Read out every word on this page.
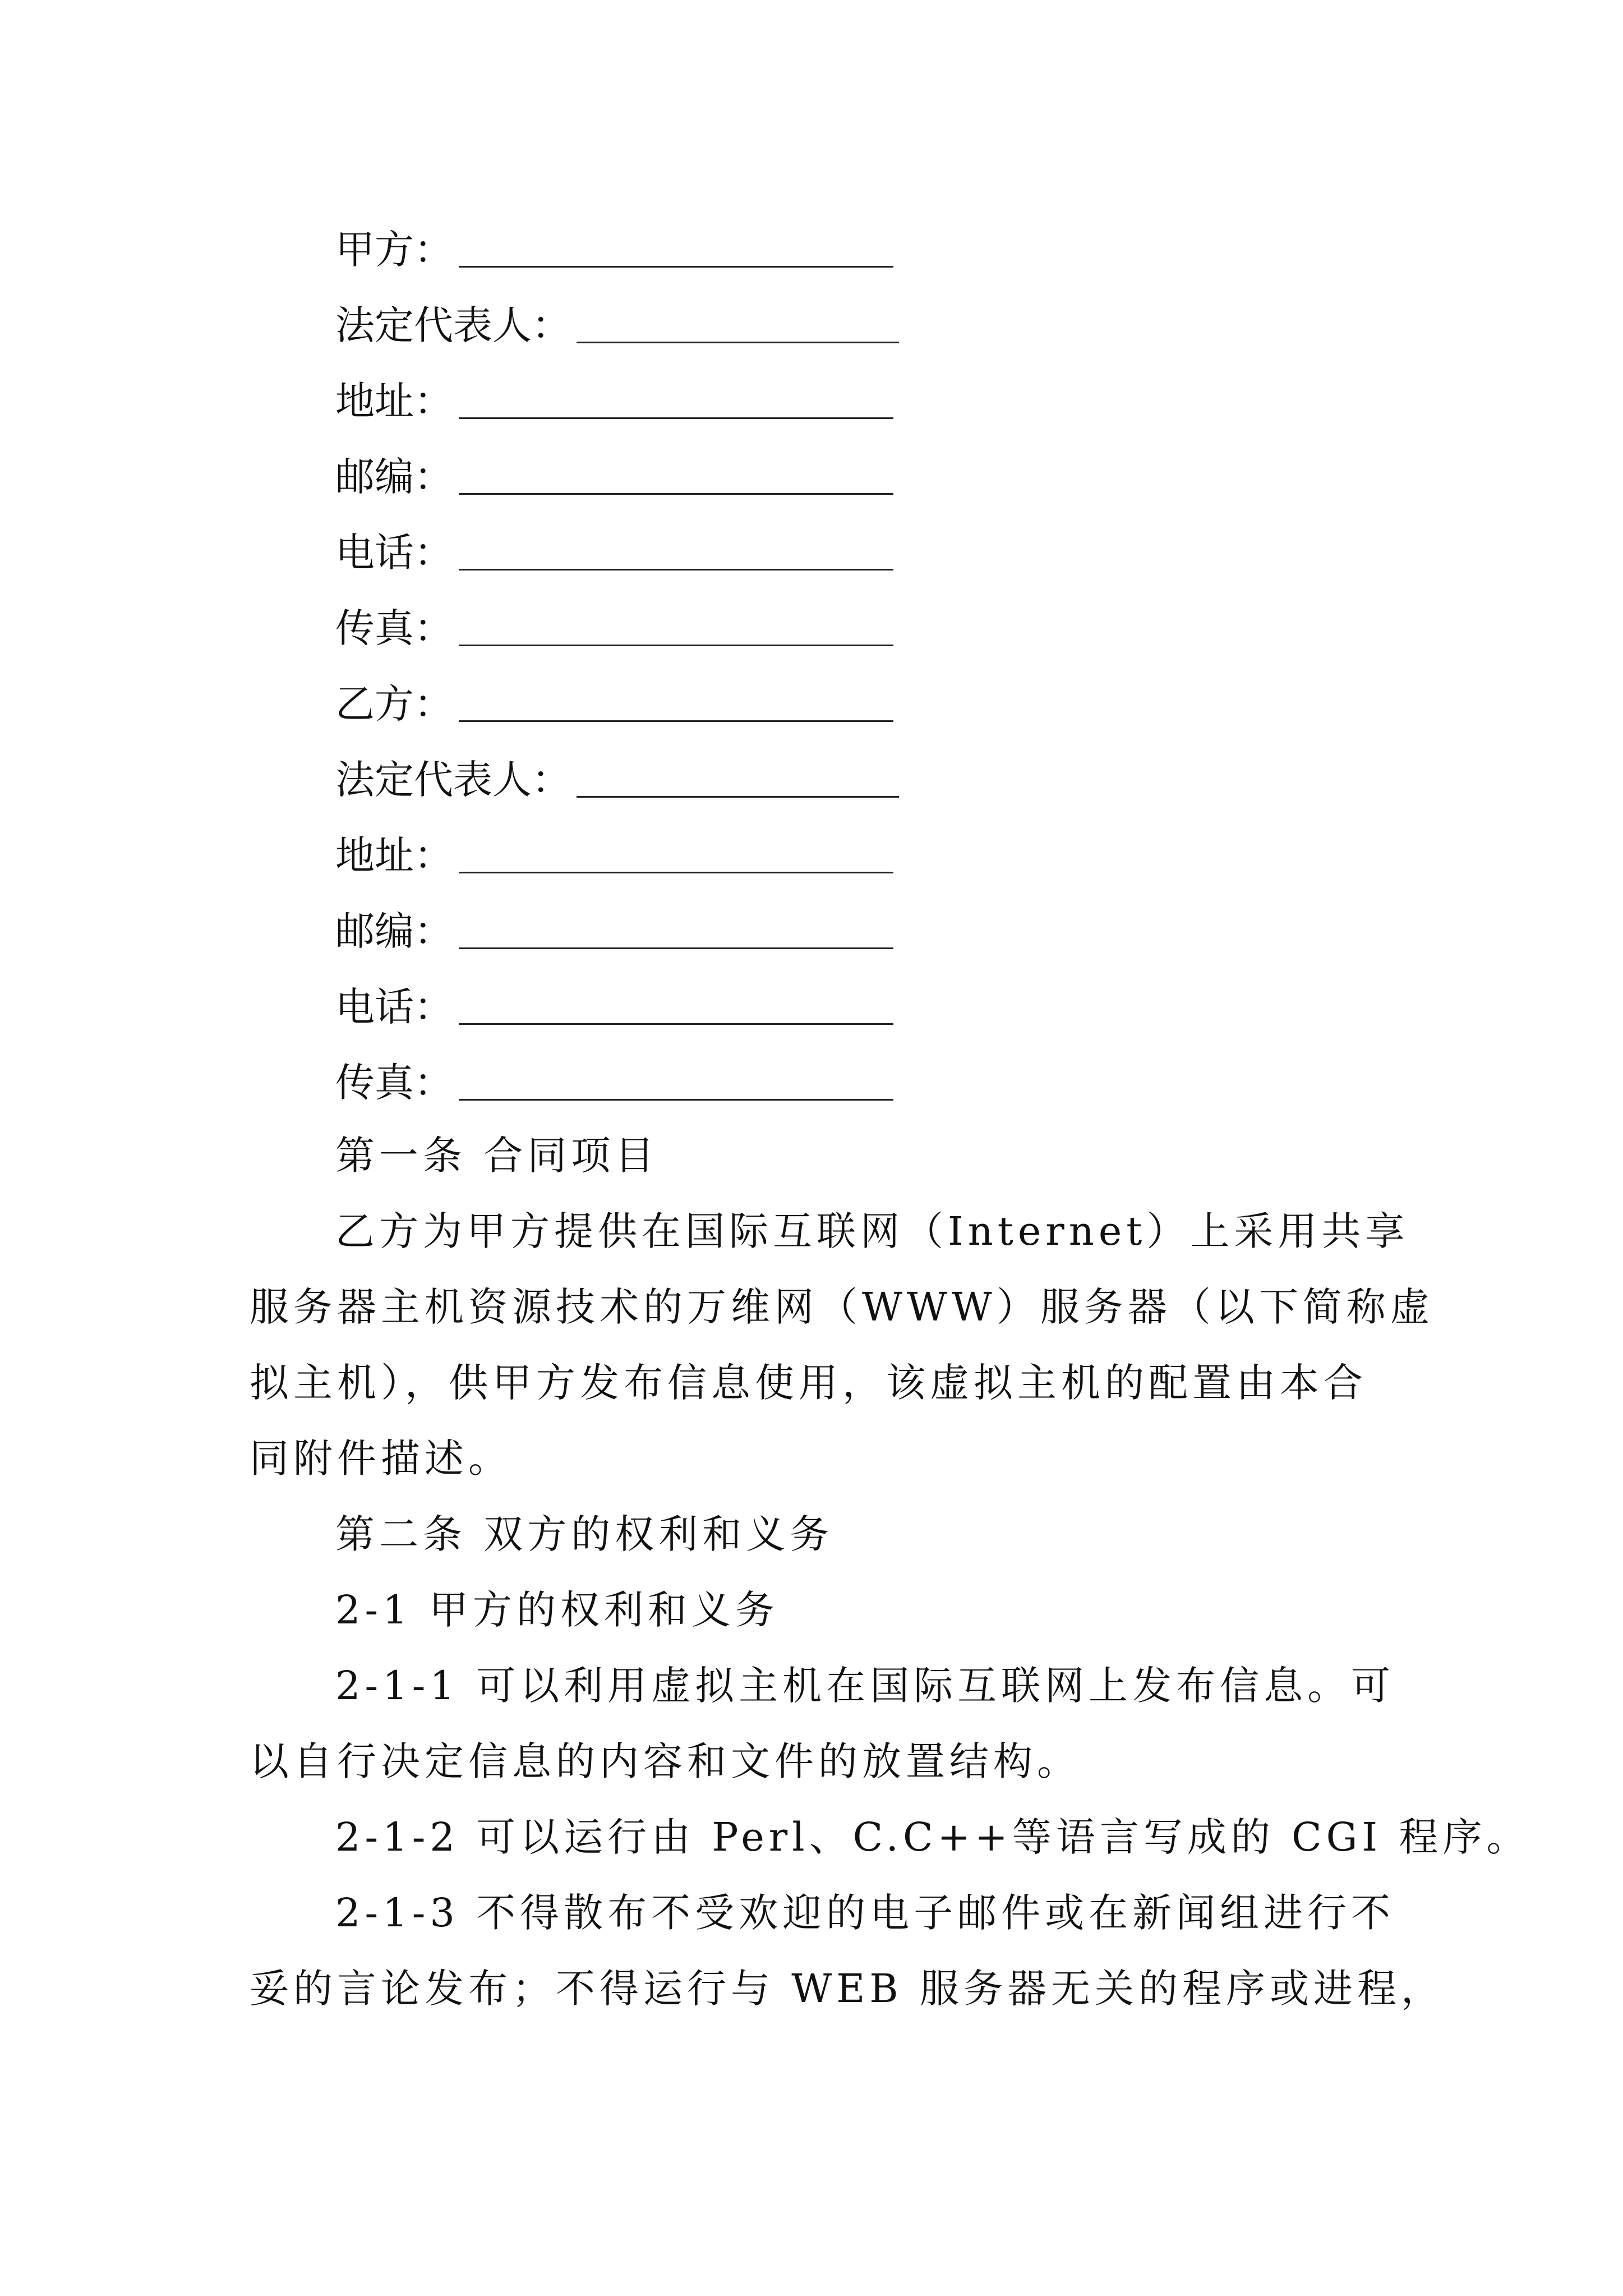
甲方：
法定代表人：
地址：
邮编：
电话：
传真：
乙方：
法定代表人：
地址：
邮编：
电话：
传真：
第一条 合同项目
乙方为甲方提供在国际互联网（Internet）上采用共享
服务器主机资源技术的万维网（WWW）服务器（以下简称虚
拟主机），供甲方发布信息使用，该虚拟主机的配置由本合
同附件描述。
第二条 双方的权利和义务
2-1 甲方的权利和义务
2-1-1 可以利用虚拟主机在国际互联网上发布信息。可
以自行决定信息的内容和文件的放置结构。
2-1-2 可以运行由 Perl、C.C++等语言写成的 CGI 程序。
2-1-3 不得散布不受欢迎的电子邮件或在新闻组进行不
妥的言论发布；不得运行与 WEB 服务器无关的程序或进程，
